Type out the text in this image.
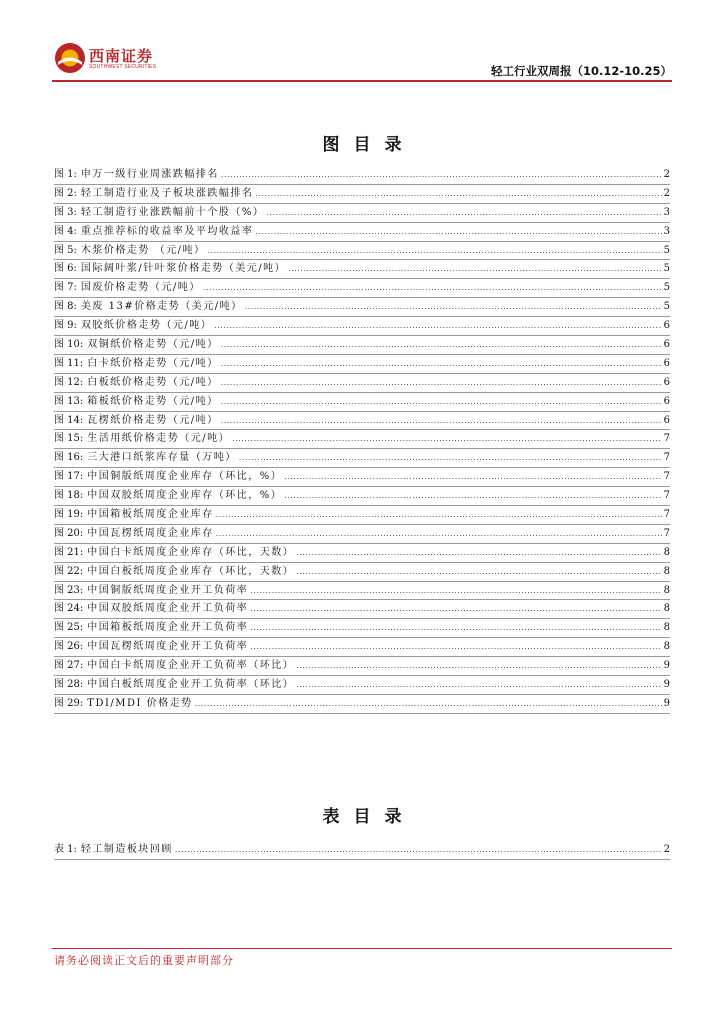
西南证券
SOUTHWEST SECURITIES	轻工行业双周报（10.12-10.25）
图目录
图 1: 申万一级行业周涨跌幅排名 .....	2
图 2: 轻工制造行业及子板块涨跌幅排名 .....	2
图 3: 轻工制造行业涨跌幅前十个股（%） .....	3
图 4: 重点推荐标的收益率及平均收益率 .....	3
图 5: 木浆价格走势 （元/吨） .....	5
图 6: 国际阔叶浆/针叶浆价格走势（美元/吨） .....	5
图 7: 国废价格走势（元/吨） .....	5
图 8: 美废 13#价格走势（美元/吨） .....	5
图 9: 双胶纸价格走势（元/吨） .....	6
图 10: 双铜纸价格走势（元/吨） .....	6
图 11: 白卡纸价格走势（元/吨） .....	6
图 12: 白板纸价格走势（元/吨） .....	6
图 13: 箱板纸价格走势（元/吨） .....	6
图 14: 瓦楞纸价格走势（元/吨） .....	6
图 15: 生活用纸价格走势（元/吨） .....	7
图 16: 三大港口纸浆库存量（万吨） .....	7
图 17: 中国铜版纸周度企业库存（环比，%） .....	7
图 18: 中国双胶纸周度企业库存（环比，%） .....	7
图 19: 中国箱板纸周度企业库存 .....	7
图 20: 中国瓦楞纸周度企业库存 .....	7
图 21: 中国白卡纸周度企业库存（环比，天数） .....	8
图 22: 中国白板纸周度企业库存（环比，天数） .....	8
图 23: 中国铜版纸周度企业开工负荷率 .....	8
图 24: 中国双胶纸周度企业开工负荷率 .....	8
图 25: 中国箱板纸周度企业开工负荷率 .....	8
图 26: 中国瓦楞纸周度企业开工负荷率 .....	8
图 27: 中国白卡纸周度企业开工负荷率（环比） .....	9
图 28: 中国白板纸周度企业开工负荷率（环比） .....	9
图 29: TDI/MDI 价格走势 .....	9
表目录
表 1: 轻工制造板块回顾 .....	2
请务必阅读正文后的重要声明部分
